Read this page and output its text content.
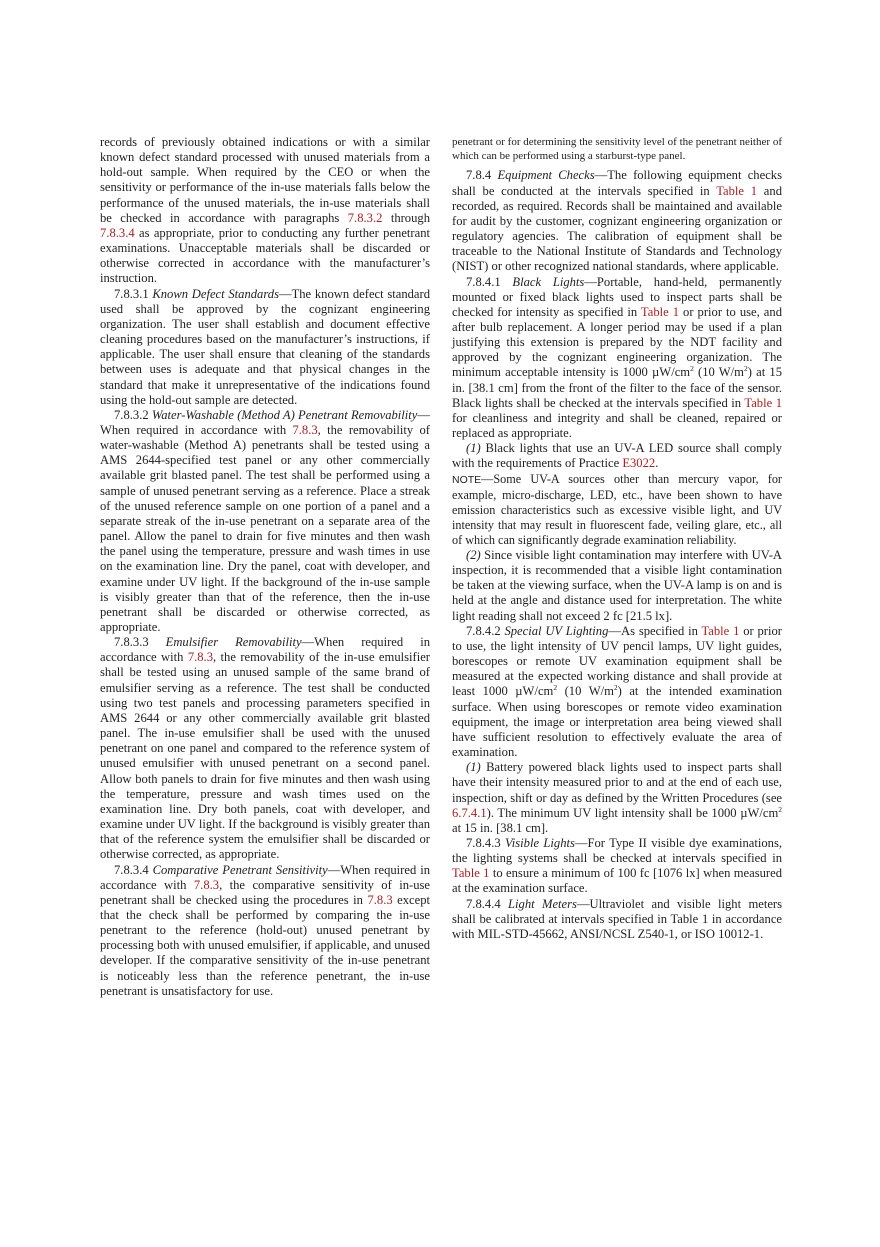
records of previously obtained indications or with a similar known defect standard processed with unused materials from a hold-out sample. When required by the CEO or when the sensitivity or performance of the in-use materials falls below the performance of the unused materials, the in-use materials shall be checked in accordance with paragraphs 7.8.3.2 through 7.8.3.4 as appropriate, prior to conducting any further penetrant examinations. Unacceptable materials shall be discarded or otherwise corrected in accordance with the manufacturer’s instruction.

7.8.3.1 Known Defect Standards—The known defect standard used shall be approved by the cognizant engineering organization. The user shall establish and document effective cleaning procedures based on the manufacturer’s instructions, if applicable. The user shall ensure that cleaning of the standards between uses is adequate and that physical changes in the standard that make it unrepresentative of the indications found using the hold-out sample are detected.

7.8.3.2 Water-Washable (Method A) Penetrant Removability—When required in accordance with 7.8.3, the removability of water-washable (Method A) penetrants shall be tested using a AMS 2644-specified test panel or any other commercially available grit blasted panel. The test shall be performed using a sample of unused penetrant serving as a reference. Place a streak of the unused reference sample on one portion of a panel and a separate streak of the in-use penetrant on a separate area of the panel. Allow the panel to drain for five minutes and then wash the panel using the temperature, pressure and wash times in use on the examination line. Dry the panel, coat with developer, and examine under UV light. If the background of the in-use sample is visibly greater than that of the reference, then the in-use penetrant shall be discarded or otherwise corrected, as appropriate.

7.8.3.3 Emulsifier Removability—When required in accordance with 7.8.3, the removability of the in-use emulsifier shall be tested using an unused sample of the same brand of emulsifier serving as a reference. The test shall be conducted using two test panels and processing parameters specified in AMS 2644 or any other commercially available grit blasted panel. The in-use emulsifier shall be used with the unused penetrant on one panel and compared to the reference system of unused emulsifier with unused penetrant on a second panel. Allow both panels to drain for five minutes and then wash using the temperature, pressure and wash times used on the examination line. Dry both panels, coat with developer, and examine under UV light. If the background is visibly greater than that of the reference system the emulsifier shall be discarded or otherwise corrected, as appropriate.

7.8.3.4 Comparative Penetrant Sensitivity—When required in accordance with 7.8.3, the comparative sensitivity of in-use penetrant shall be checked using the procedures in 7.8.3 except that the check shall be performed by comparing the in-use penetrant to the reference (hold-out) unused penetrant by processing both with unused emulsifier, if applicable, and unused developer. If the comparative sensitivity of the in-use penetrant is noticeably less than the reference penetrant, the in-use penetrant is unsatisfactory for use.

penetrant or for determining the sensitivity level of the penetrant neither of which can be performed using a starburst-type panel.

7.8.4 Equipment Checks—The following equipment checks shall be conducted at the intervals specified in Table 1 and recorded, as required. Records shall be maintained and available for audit by the customer, cognizant engineering organization or regulatory agencies. The calibration of equipment shall be traceable to the National Institute of Standards and Technology (NIST) or other recognized national standards, where applicable.

7.8.4.1 Black Lights—Portable, hand-held, permanently mounted or fixed black lights used to inspect parts shall be checked for intensity as specified in Table 1 or prior to use, and after bulb replacement. A longer period may be used if a plan justifying this extension is prepared by the NDT facility and approved by the cognizant engineering organization. The minimum acceptable intensity is 1000 $\mu W/cm^2$ (10 $W/m^2$) at 15 in. [38.1 cm] from the front of the filter to the face of the sensor. Black lights shall be checked at the intervals specified in Table 1 for cleanliness and integrity and shall be cleaned, repaired or replaced as appropriate.

(1) Black lights that use an UV-A LED source shall comply with the requirements of Practice E3022.

NOTE—Some UV-A sources other than mercury vapor, for example, micro-discharge, LED, etc., have been shown to have emission characteristics such as excessive visible light, and UV intensity that may result in fluorescent fade, veiling glare, etc., all of which can significantly degrade examination reliability.

(2) Since visible light contamination may interfere with UV-A inspection, it is recommended that a visible light contamination be taken at the viewing surface, when the UV-A lamp is on and is held at the angle and distance used for interpretation. The white light reading shall not exceed 2 fc [21.5 lx].

7.8.4.2 Special UV Lighting—As specified in Table 1 or prior to use, the light intensity of UV pencil lamps, UV light guides, borescopes or remote UV examination equipment shall be measured at the expected working distance and shall provide at least 1000 $\mu W/cm^2$ (10 $W/m^2$) at the intended examination surface. When using borescopes or remote video examination equipment, the image or interpretation area being viewed shall have sufficient resolution to effectively evaluate the area of examination.

(1) Battery powered black lights used to inspect parts shall have their intensity measured prior to and at the end of each use, inspection, shift or day as defined by the Written Procedures (see 6.7.4.1). The minimum UV light intensity shall be 1000 $\mu W/cm^2$ at 15 in. [38.1 cm].

7.8.4.3 Visible Lights—For Type II visible dye examinations, the lighting systems shall be checked at intervals specified in Table 1 to ensure a minimum of 100 fc [1076 lx] when measured at the examination surface.

7.8.4.4 Light Meters—Ultraviolet and visible light meters shall be calibrated at intervals specified in Table 1 in accordance with MIL-STD-45662, ANSI/NCSL Z540-1, or ISO 10012-1.
